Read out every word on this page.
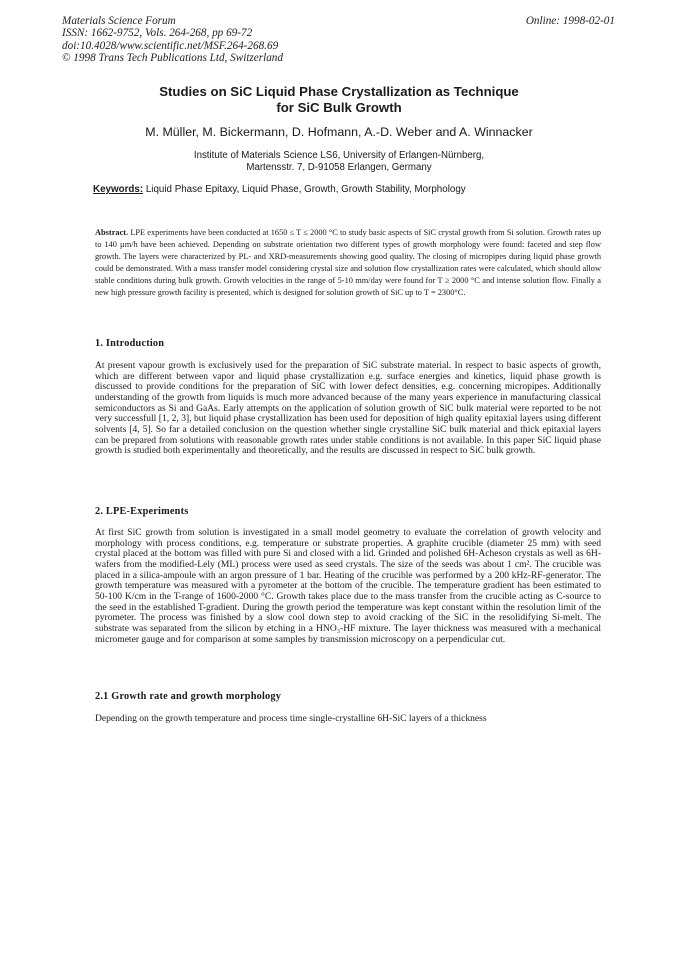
Materials Science Forum
ISSN: 1662-9752, Vols. 264-268, pp 69-72
doi:10.4028/www.scientific.net/MSF.264-268.69
© 1998 Trans Tech Publications Ltd, Switzerland
Online: 1998-02-01
Studies on SiC Liquid Phase Crystallization as Technique
for SiC Bulk Growth
M. Müller, M. Bickermann, D. Hofmann, A.-D. Weber and A. Winnacker
Institute of Materials Science LS6, University of Erlangen-Nürnberg,
Martensstr. 7, D-91058 Erlangen, Germany
Keywords: Liquid Phase Epitaxy, Liquid Phase, Growth, Growth Stability, Morphology
Abstract. LPE experiments have been conducted at 1650 ≤ T ≤ 2000 °C to study basic aspects of SiC crystal growth from Si solution. Growth rates up to 140 µm/h have been achieved. Depending on substrate orientation two different types of growth morphology were found: faceted and step flow growth. The layers were characterized by PL- and XRD-measurements showing good quality. The closing of micropipes during liquid phase growth could be demonstrated. With a mass transfer model considering crystal size and solution flow crystallization rates were calculated, which should allow stable conditions during bulk growth. Growth velocities in the range of 5-10 mm/day were found for T ≥ 2000 °C and intense solution flow. Finally a new high pressure growth facility is presented, which is designed for solution growth of SiC up to T = 2300°C.
1. Introduction

At present vapour growth is exclusively used for the preparation of SiC substrate material. In respect to basic aspects of growth, which are different between vapor and liquid phase crystallization e.g. surface energies and kinetics, liquid phase growth is discussed to provide conditions for the preparation of SiC with lower defect densities, e.g. concerning micropipes. Additionally understanding of the growth from liquids is much more advanced because of the many years experience in manufacturing classical semiconductors as Si and GaAs. Early attempts on the application of solution growth of SiC bulk material were reported to be not very successfull [1, 2, 3], but liquid phase crystallization has been used for deposition of high quality epitaxial layers using different solvents [4, 5]. So far a detailed conclusion on the question whether single crystalline SiC bulk material and thick epitaxial layers can be prepared from solutions with reasonable growth rates under stable conditions is not available. In this paper SiC liquid phase growth is studied both experimentally and theoretically, and the results are discussed in respect to SiC bulk growth.

2. LPE-Experiments

At first SiC growth from solution is investigated in a small model geometry to evaluate the correlation of growth velocity and morphology with process conditions, e.g. temperature or substrate properties. A graphite crucible (diameter 25 mm) with seed crystal placed at the bottom was filled with pure Si and closed with a lid. Grinded and polished 6H-Acheson crystals as well as 6H-wafers from the modified-Lely (ML) process were used as seed crystals. The size of the seeds was about 1 cm². The crucible was placed in a silica-ampoule with an argon pressure of 1 bar. Heating of the crucible was performed by a 200 kHz-RF-generator. The growth temperature was measured with a pyrometer at the bottom of the crucible. The temperature gradient has been estimated to 50-100 K/cm in the T-range of 1600-2000 °C. Growth takes place due to the mass transfer from the crucible acting as C-source to the seed in the established T-gradient. During the growth period the temperature was kept constant within the resolution limit of the pyrometer. The process was finished by a slow cool down step to avoid cracking of the SiC in the resolidifying Si-melt. The substrate was separated from the silicon by etching in a HNO₃-HF mixture. The layer thickness was measured with a mechanical micrometer gauge and for comparison at some samples by transmission microscopy on a perpendicular cut.

2.1 Growth rate and growth morphology

Depending on the growth temperature and process time single-crystalline 6H-SiC layers of a thickness
